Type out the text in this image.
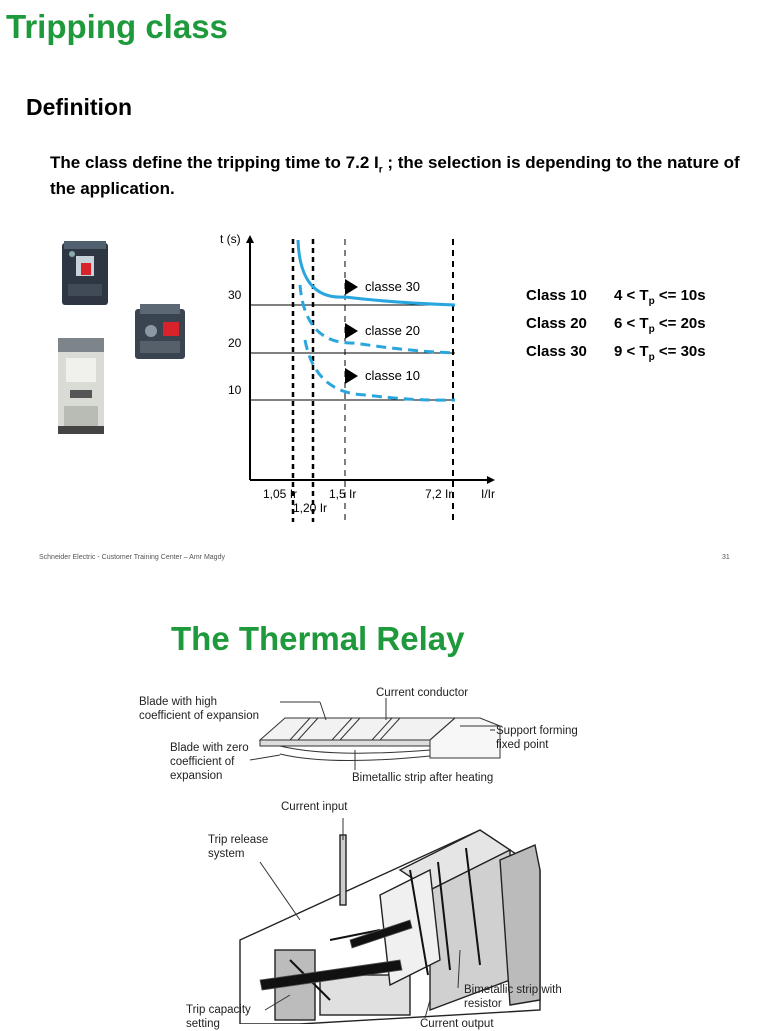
Tripping class
Definition
The class define the tripping time to 7.2 $I_r$ ; the selection is depending to the nature of the application.
t (s)
I/Ir
10
20
30
1,05 Ir
1,20 Ir
1,5 Ir	7,2 Ir
classe 30
classe 20
classe 10
Class 10 $4 < T_p <= 10s$
Class 20 $6 < T_p <= 20s$
Class 30 $9 < T_p <= 30s$
Schneider Electric - Customer Training Center – Amr Magdy	31
The Thermal Relay
Blade with high
coefficient of expansion
Current conductor
Support forming
fixed point
Blade with zero
coefficient of
expansion	Bimetallic strip after heating
Current input
Trip release
system
Bimetallic strip with
resistor
Trip capacity
setting	Current output
